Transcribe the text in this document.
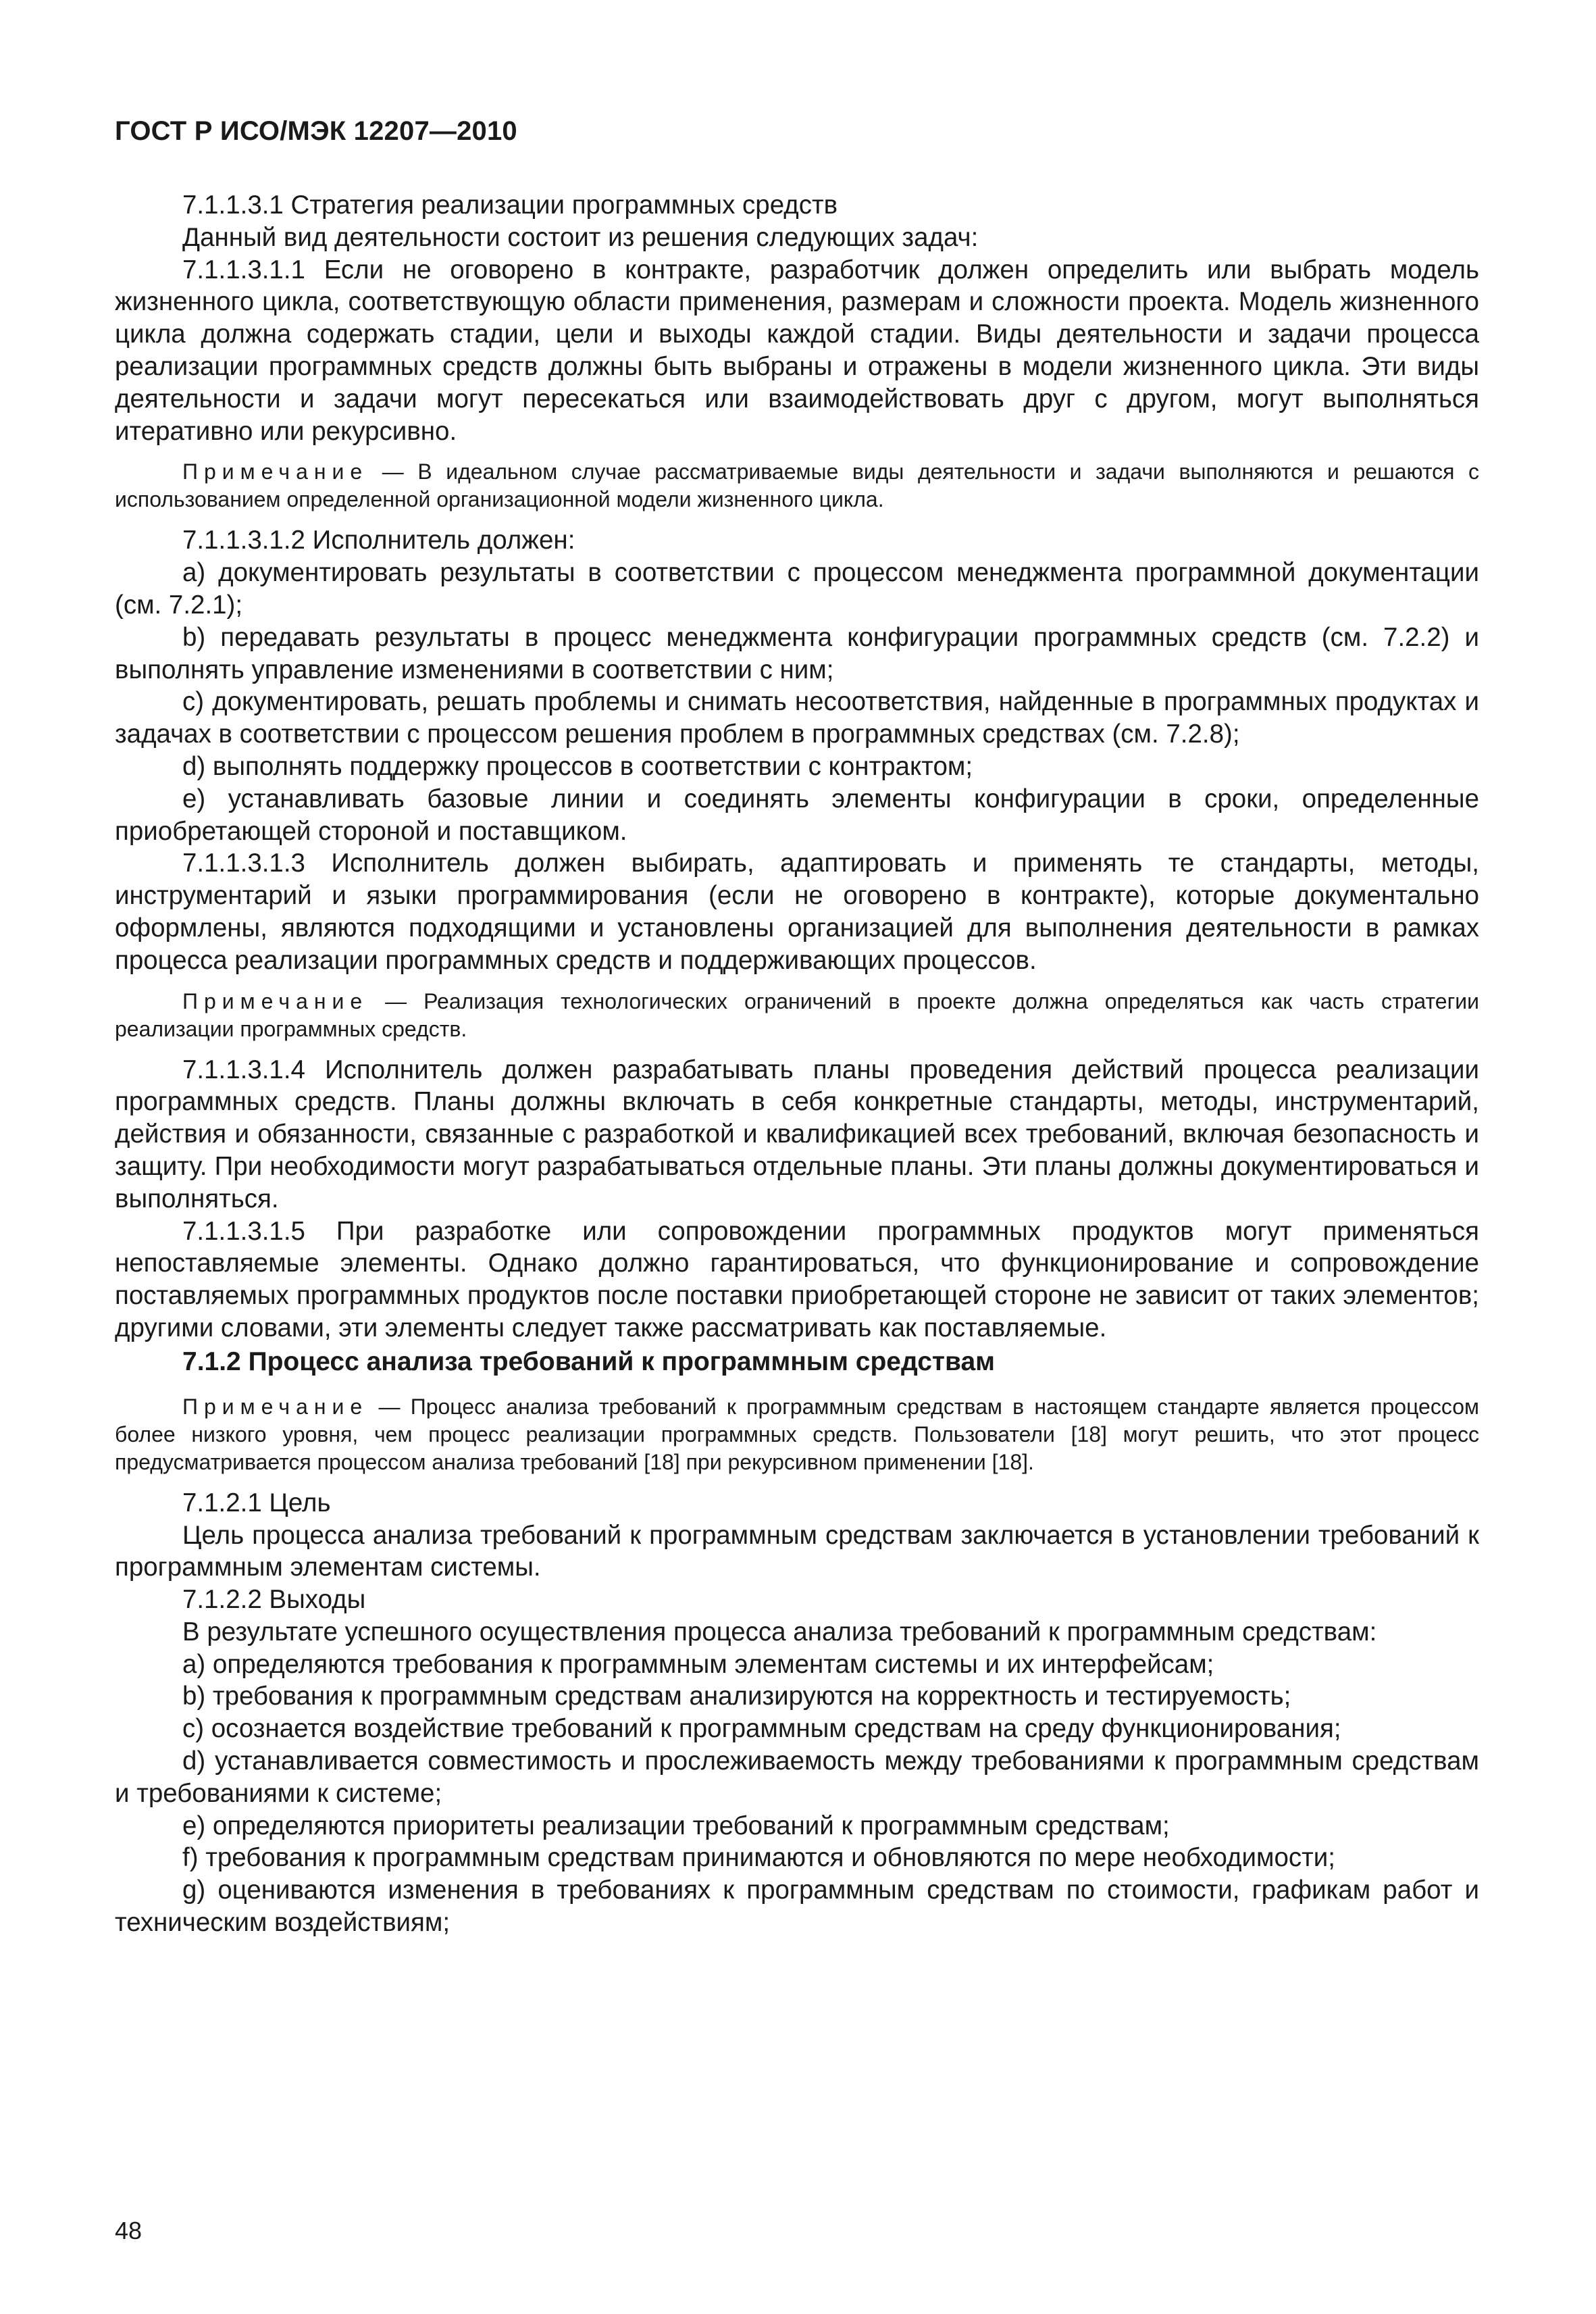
ГОСТ Р ИСО/МЭК 12207—2010

7.1.1.3.1 Стратегия реализации программных средств

Данный вид деятельности состоит из решения следующих задач:

7.1.1.3.1.1 Если не оговорено в контракте, разработчик должен определить или выбрать модель жизненного цикла, соответствующую области применения, размерам и сложности проекта. Модель жизненного цикла должна содержать стадии, цели и выходы каждой стадии. Виды деятельности и задачи процесса реализации программных средств должны быть выбраны и отражены в модели жизненного цикла. Эти виды деятельности и задачи могут пересекаться или взаимодействовать друг с другом, могут выполняться итеративно или рекурсивно.

Примечание — В идеальном случае рассматриваемые виды деятельности и задачи выполняются и решаются с использованием определенной организационной модели жизненного цикла.

7.1.1.3.1.2 Исполнитель должен:

a) документировать результаты в соответствии с процессом менеджмента программной документации (см. 7.2.1);

b) передавать результаты в процесс менеджмента конфигурации программных средств (см. 7.2.2) и выполнять управление изменениями в соответствии с ним;

c) документировать, решать проблемы и снимать несоответствия, найденные в программных продуктах и задачах в соответствии с процессом решения проблем в программных средствах (см. 7.2.8);

d) выполнять поддержку процессов в соответствии с контрактом;

e) устанавливать базовые линии и соединять элементы конфигурации в сроки, определенные приобретающей стороной и поставщиком.

7.1.1.3.1.3 Исполнитель должен выбирать, адаптировать и применять те стандарты, методы, инструментарий и языки программирования (если не оговорено в контракте), которые документально оформлены, являются подходящими и установлены организацией для выполнения деятельности в рамках процесса реализации программных средств и поддерживающих процессов.

Примечание — Реализация технологических ограничений в проекте должна определяться как часть стратегии реализации программных средств.

7.1.1.3.1.4 Исполнитель должен разрабатывать планы проведения действий процесса реализации программных средств. Планы должны включать в себя конкретные стандарты, методы, инструментарий, действия и обязанности, связанные с разработкой и квалификацией всех требований, включая безопасность и защиту. При необходимости могут разрабатываться отдельные планы. Эти планы должны документироваться и выполняться.

7.1.1.3.1.5 При разработке или сопровождении программных продуктов могут применяться непоставляемые элементы. Однако должно гарантироваться, что функционирование и сопровождение поставляемых программных продуктов после поставки приобретающей стороне не зависит от таких элементов; другими словами, эти элементы следует также рассматривать как поставляемые.

7.1.2 Процесс анализа требований к программным средствам
Примечание — Процесс анализа требований к программным средствам в настоящем стандарте является процессом более низкого уровня, чем процесс реализации программных средств. Пользователи [18] могут решить, что этот процесс предусматривается процессом анализа требований [18] при рекурсивном применении [18].

7.1.2.1 Цель

Цель процесса анализа требований к программным средствам заключается в установлении требований к программным элементам системы.

7.1.2.2 Выходы

В результате успешного осуществления процесса анализа требований к программным средствам:

a) определяются требования к программным элементам системы и их интерфейсам;

b) требования к программным средствам анализируются на корректность и тестируемость;

c) осознается воздействие требований к программным средствам на среду функционирования;

d) устанавливается совместимость и прослеживаемость между требованиями к программным средствам и требованиями к системе;

e) определяются приоритеты реализации требований к программным средствам;

f) требования к программным средствам принимаются и обновляются по мере необходимости;

g) оцениваются изменения в требованиях к программным средствам по стоимости, графикам работ и техническим воздействиям;

48
